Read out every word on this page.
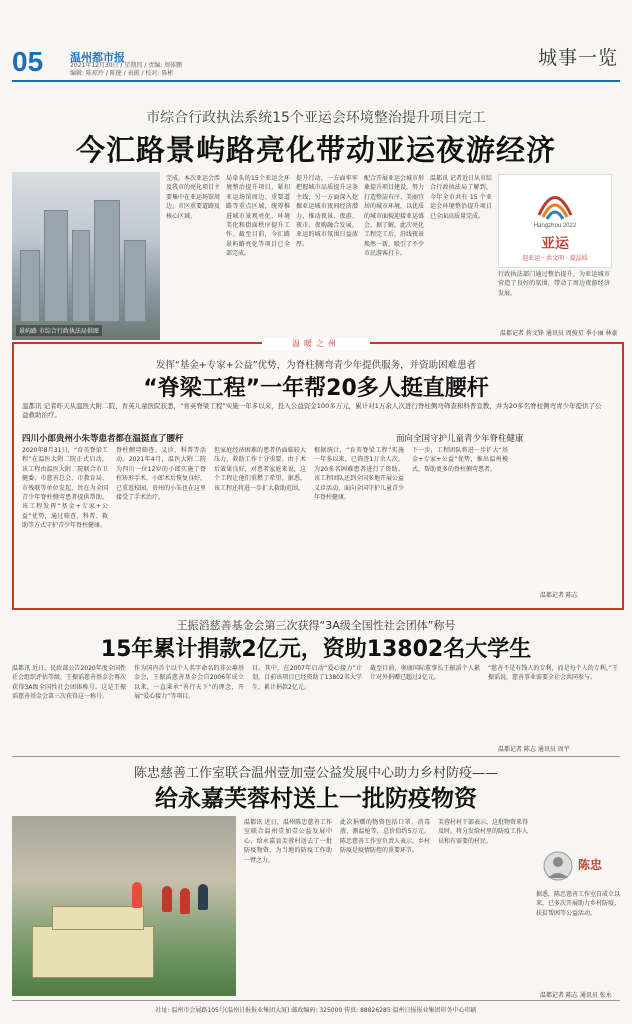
05 温州都市报
2021年12月30日 / 星期四 / 责编: 周体鹏
编辑: 陈琼玲 / 陈健 / 表振 / 校对: 陈彬
城事一览
市综合行政执法系统15个亚运会环境整治提升项目完工
今汇路景屿路亮化带动亚运夜游经济
景屿路 市综合行政执法局供图
完成。本次亚运会涉及我市的亮化项目主要集中在亚运场馆周边、市区重要道路及核心区域。
局牵头的15个亚运会环境整治提升项目，紧扣亚运场馆周边、重要道路等重点区域，统筹推进城市景观亮化、环境美化和街面秩序提升工作。截至目前，今汇路景屿路亮化等项目已全部完成。
提升行动，一方面牢牢把握城市品质提升这条主线，另一方面深入挖掘亚运城市夜间经济潜力，推动夜景、夜游、夜市、夜购融合发展，亚运的城市氛围日益浓厚。
配合开展亚运会城市形象提升项目建设，努力打造整洁有序、美丽宜居的城市环境，以优质的城市面貌迎接亚运盛会。据了解，此次亮化工程完工后，沿线夜景焕然一新，吸引了不少市民游客打卡。
温都讯 记者近日从市综合行政执法局了解到，今年全市共有 15 个亚运会环境整治提升项目已全面高质量完成。
Hangzhou 2022
亚运
迎亚运 · 共文明 · 提品质
行政执法部门通过整治提升，为亚运城市营造了良好的氛围，带动了周边夜游经济发展。
温都记者 蒋文锋 通讯员 周俊星 季小丽 林豪
温暖之州
发挥“基金+专家+公益”优势，为脊柱侧弯青少年提供服务，并资助困难患者
“脊梁工程”一年帮20多人挺直腰杆
温都讯 记者昨天从温医大附二院、育英儿童医院获悉，“育英脊梁工程”实施一年多以来，投入公益资金100多万元，累计对1万余人次进行脊柱侧弯筛查和科普宣教，并为20多名脊柱侧弯青少年提供了公益救助治疗。
四川小郎贵州小朱等患者都在温挺直了腰杆	面向全国守护儿童青少年脊柱健康
2020年8月31日，“育英脊梁工程”在温医大附二院正式启动，该工程由温医大附二院联合市卫健委、市慈善总会、市教育局、市残联等单位发起，旨在为全国青少年脊柱侧弯患者提供帮助。该工程发挥“基金+专家+公益”优势，通过筛查、科普、救助等方式守护青少年脊柱健康。
脊柱侧弯筛查、义诊、科普等活动。2021年4月，温医大附二院为四川一位12岁的小郎实施了脊柱矫形手术，小郎术后恢复良好，已重返校园。贵州的小朱也在这里接受了手术治疗。
但家庭经济困难的患者仍面临较大压力，救助工作十分重要。由于术后效果良好，对患者家庭来说，这个工程让他们重燃了希望。据悉，该工程还将进一步扩大救助范围。
根据统计，“育英脊梁工程”实施一年多以来，已筛查1万余人次，为20多名困难患者进行了资助。该工程团队还到全国多地开展公益义诊活动，面向全国守护儿童青少年脊柱健康。
下一步，工程团队将进一步扩大“基金+专家+公益”优势，推出温州模式，帮助更多的脊柱侧弯患者。
温都记者 陈志
王振滔慈善基金会第三次获得“3A级全国性社会团体”称号
15年累计捐款2亿元，资助13802名大学生
温都讯 近日，民政部公告2020年度全国性社会组织评估等级，王振滔慈善基金会再次获得3A级全国性社会团体称号。这是王振滔慈善基金会第三次获得这一称号。
作为国内首个以个人名字命名的非公募基金会，王振滔慈善基金会自2006年成立以来，一直秉承“善行天下”的理念，开展“爱心接力”等项目。
目。其中，在2007年启动“爱心接力”计划，目前该项目已经资助了13802名大学生，累计捐款2亿元。
截至目前，奥康国际董事长王振滔个人累计对外捐赠已超过2亿元。
“慈善不是有钱人的专利，而是每个人的专利。”王振滔说，慈善事业需要全社会共同参与。
温都记者 陈志 通讯员 周宇
陈忠慈善工作室联合温州壹加壹公益发展中心助力乡村防疫——
给永嘉芙蓉村送上一批防疫物资
温都讯 近日，温州陈忠慈善工作室联合温州壹加壹公益发展中心，给永嘉县芙蓉村送去了一批防疫物资，为当地的防疫工作助一臂之力。
此次捐赠的物资包括口罩、消毒液、测温枪等，总价值约5万元。陈忠慈善工作室负责人表示，乡村防疫是疫情防控的重要环节。
芙蓉村村干部表示，这批物资来得及时，将分发给村里的防疫工作人员和有需要的村民。
据悉，陈忠慈善工作室自成立以来，已多次开展助力乡村防疫、扶贫帮困等公益活动。
陈忠
温都记者 陈志 通讯员 张永
社址: 温州市会展路105号(温州日报报业集团大厦) 邮政编码: 325000 传真: 88826285 温州日报报业集团印务中心印刷
